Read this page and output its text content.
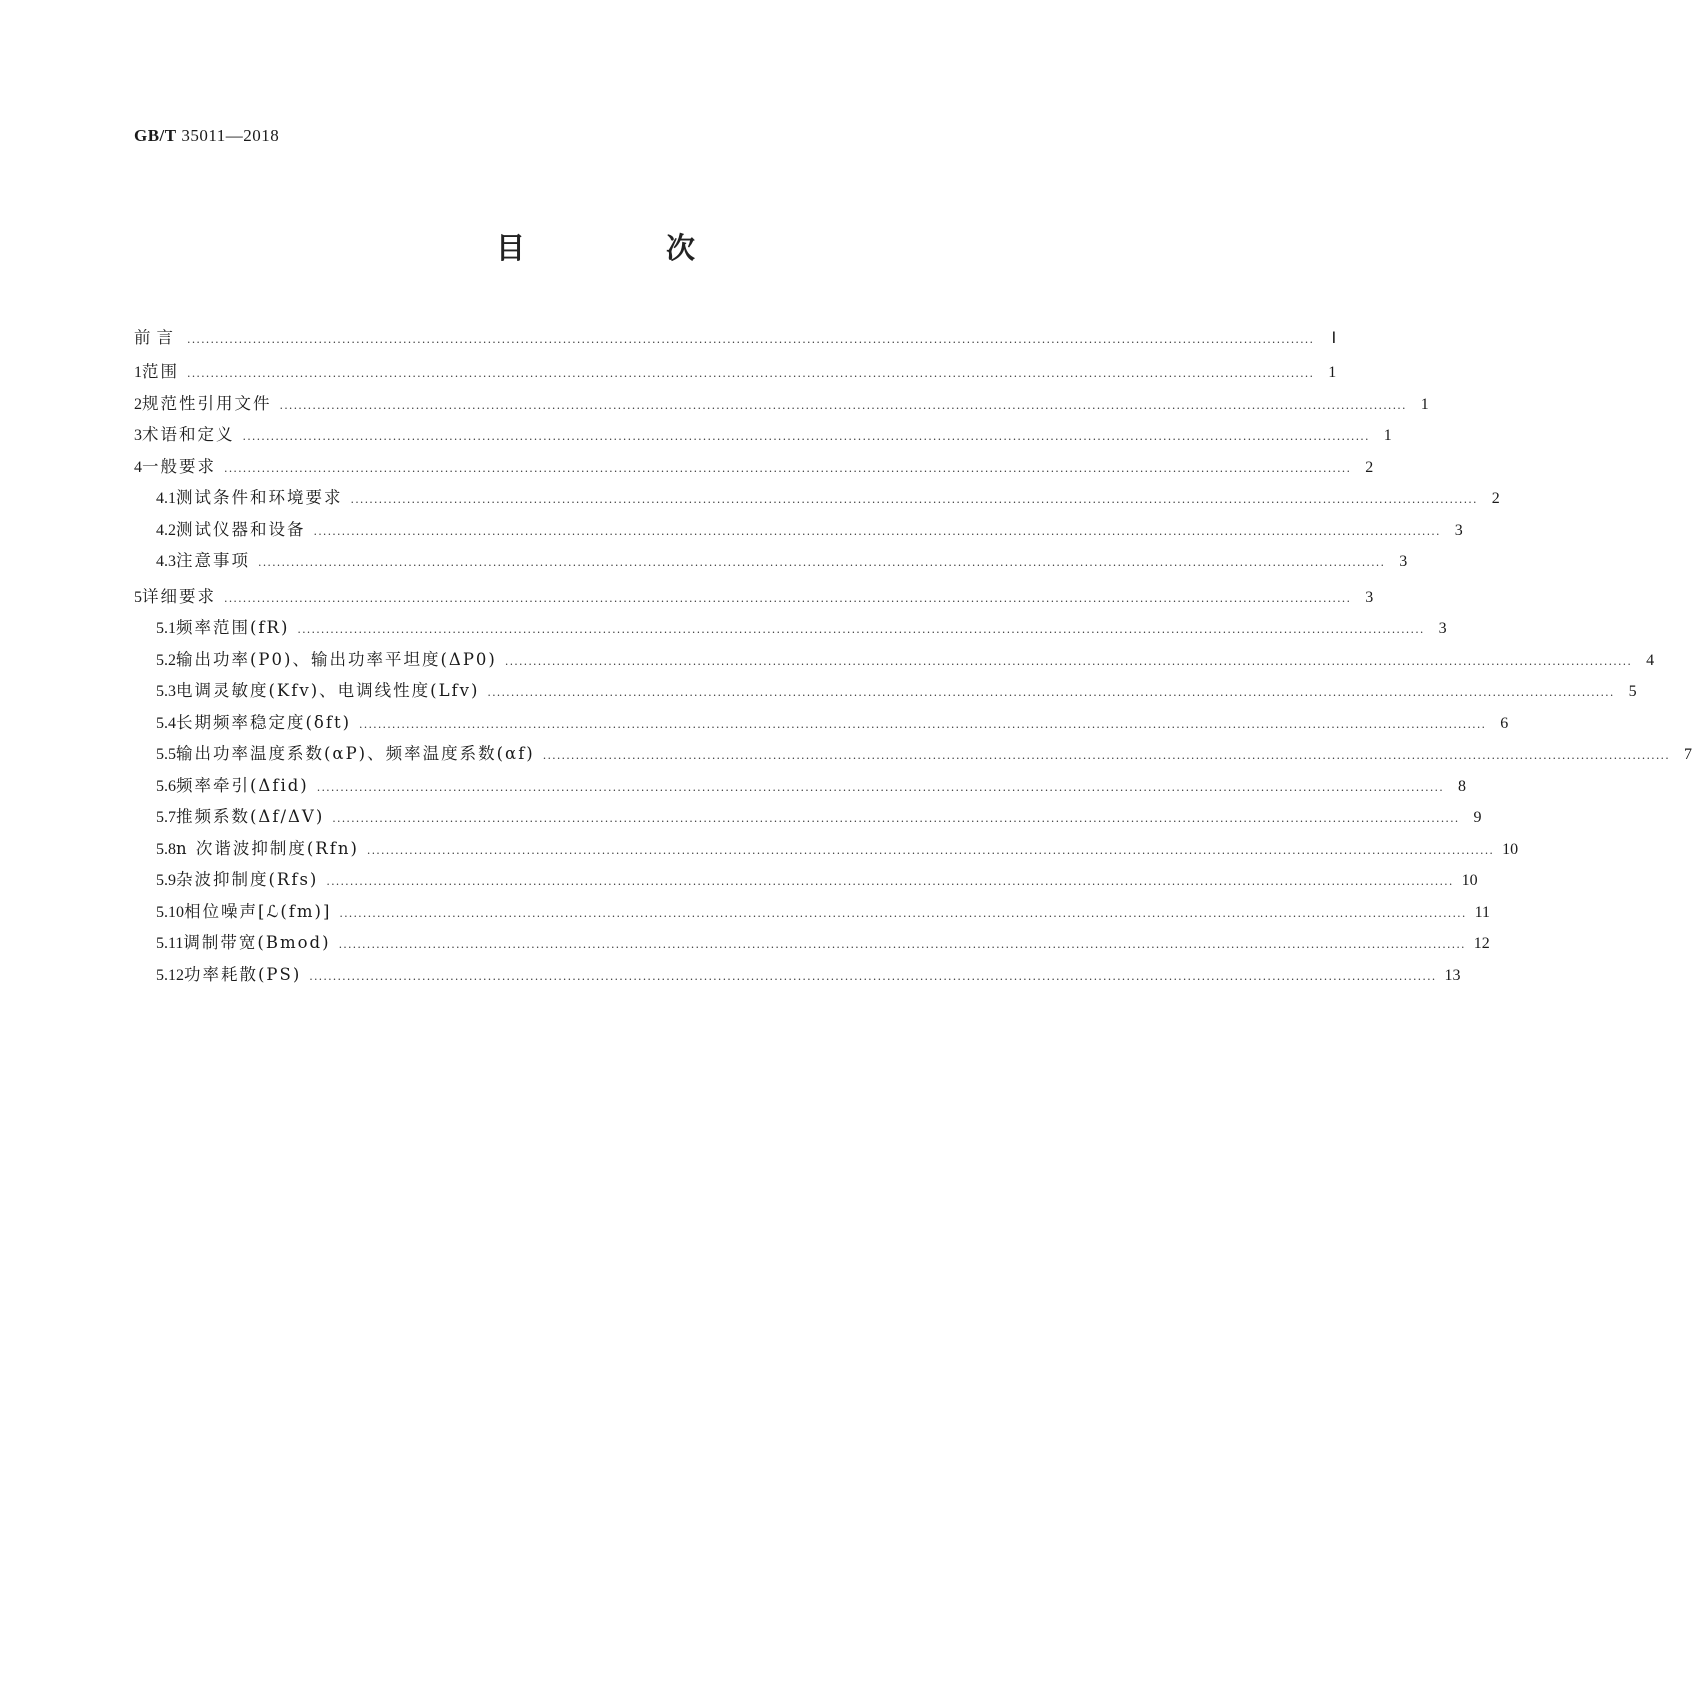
GB/T 35011—2018
目　次
前言 ................................................................................................................................................................................................................................................	Ⅰ
1 范围 ................................................................................................................................................................................................................................................ 1
2 规范性引用文件 ................................................................................................................................................................................................................................................ 1
3 术语和定义 ................................................................................................................................................................................................................................................ 1
4 一般要求 ................................................................................................................................................................................................................................................ 2
4.1 测试条件和环境要求 ................................................................................................................................................................................................................................................ 2
4.2 测试仪器和设备 ................................................................................................................................................................................................................................................ 3
4.3 注意事项 ................................................................................................................................................................................................................................................ 3
5 详细要求 ................................................................................................................................................................................................................................................ 3
5.1 频率范围(fR) ................................................................................................................................................................................................................................................ 3
5.2 输出功率(P0)、输出功率平坦度(ΔP0) ................................................................................................................................................................................................................................................ 4
5.3 电调灵敏度(Kfv)、电调线性度(Lfv) ................................................................................................................................................................................................................................................ 5
5.4 长期频率稳定度(δft) ................................................................................................................................................................................................................................................ 6
5.5 输出功率温度系数(αP)、频率温度系数(αf) ................................................................................................................................................................................................................................................ 7
5.6 频率牵引(Δfid) ................................................................................................................................................................................................................................................ 8
5.7 推频系数(Δf/ΔV) ................................................................................................................................................................................................................................................ 9
5.8 n 次谐波抑制度(Rfn) ................................................................................................................................................................................................................................................ 10
5.9 杂波抑制度(Rfs) ................................................................................................................................................................................................................................................ 10
5.10 相位噪声[ℒ(fm)] ................................................................................................................................................................................................................................................ 11
5.11 调制带宽(Bmod) ................................................................................................................................................................................................................................................ 12
5.12 功率耗散(PS) ................................................................................................................................................................................................................................................ 13
